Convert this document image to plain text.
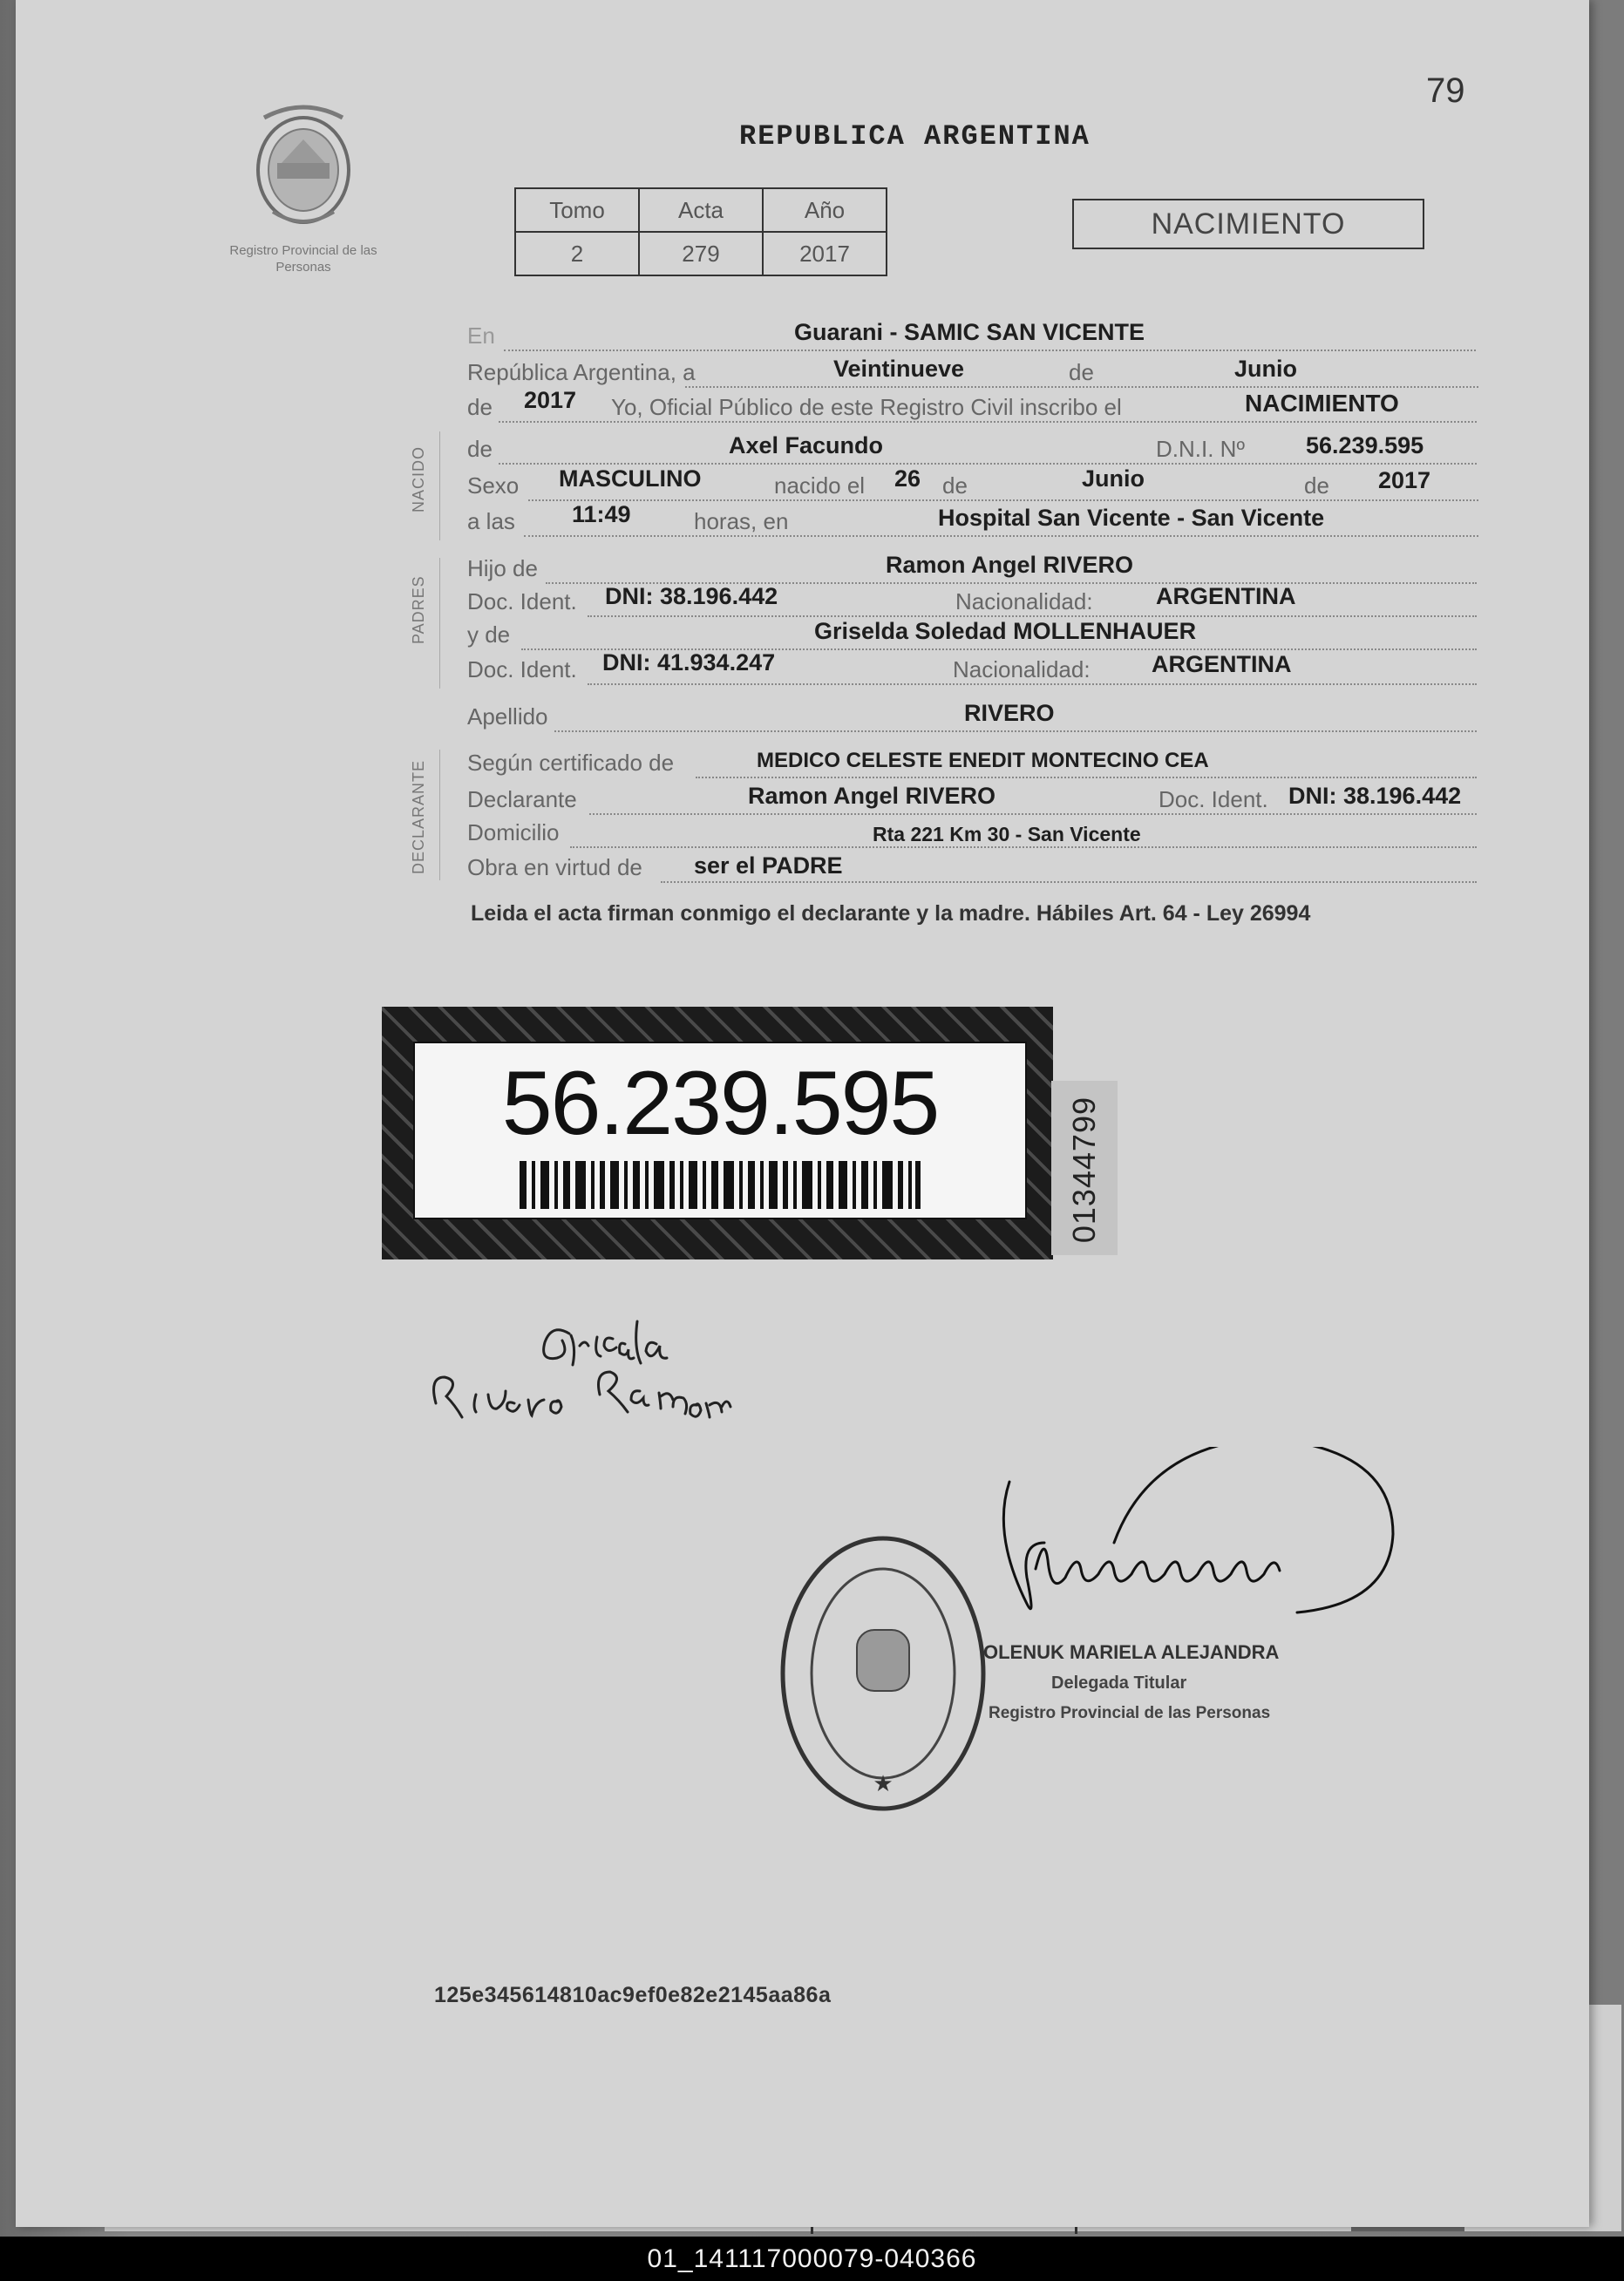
79
Registro Provincial de las Personas
REPUBLICA ARGENTINA
Tomo	Acta	Año
2	279	2017
NACIMIENTO
NACIDO
PADRES
DECLARANTE
En	Guarani - SAMIC SAN VICENTE
República Argentina, a	Veintinueve	de	Junio
de 2017 Yo, Oficial Público de este Registro Civil inscribo el	NACIMIENTO
de	Axel Facundo	D.N.I. Nº	56.239.595
Sexo MASCULINO	nacido el 26 de	Junio	de 2017
a las 11:49	horas, en	Hospital San Vicente - San Vicente
Hijo de	Ramon Angel RIVERO
Doc. Ident. DNI: 38.196.442	Nacionalidad:	ARGENTINA
y de	Griselda Soledad MOLLENHAUER
Doc. Ident. DNI: 41.934.247	Nacionalidad:	ARGENTINA
Apellido	RIVERO
Según certificado de	MEDICO CELESTE ENEDIT MONTECINO CEA
Declarante	Ramon Angel RIVERO	Doc. Ident. DNI: 38.196.442
Domicilio	Rta 221 Km 30 - San Vicente
Obra en virtud de ser el PADRE
Leida el acta firman conmigo el declarante y la madre. Hábiles Art. 64 - Ley 26994
56.239.595	01344799
★
OLENUK MARIELA ALEJANDRA
Delegada Titular
Registro Provincial de las Personas
125e345614810ac9ef0e82e2145aa86a
01_141117000079-040366
